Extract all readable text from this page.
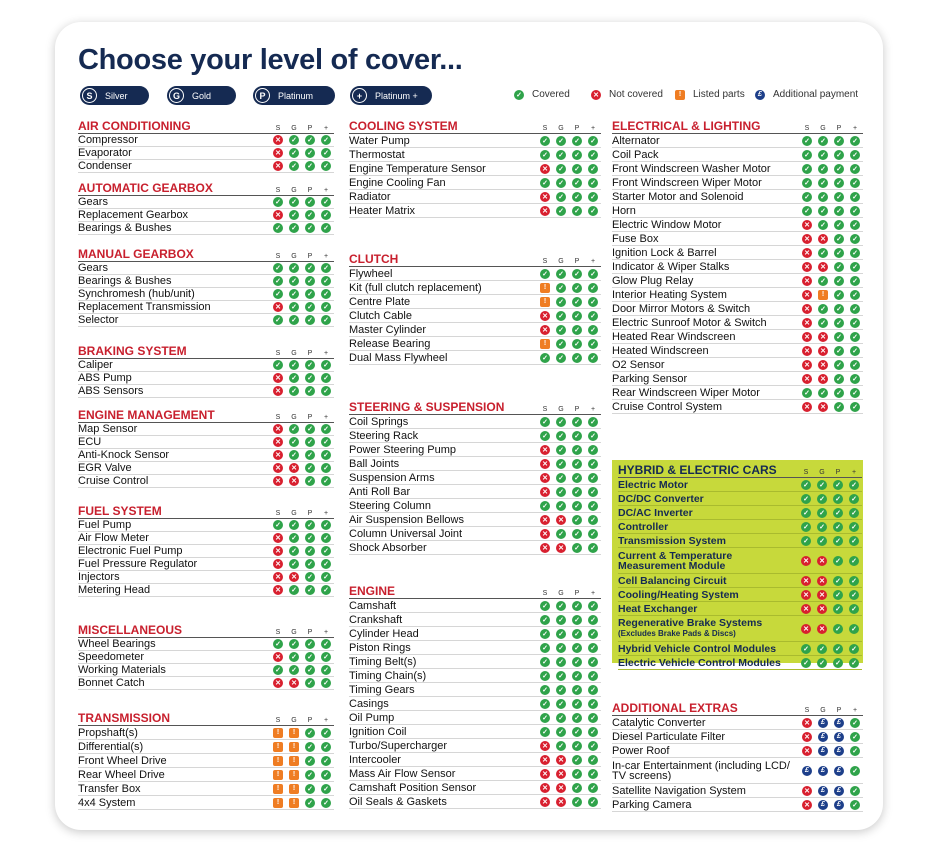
Choose your level of cover...
S	Silver	G	Gold	P	Platinum	+	Platinum +	✓ Covered	✕ Not covered	!	Listed parts	£	Additional payment
AIR CONDITIONING	S	G	P	+
Compressor	✕ ✓ ✓ ✓
Evaporator	✕ ✓ ✓ ✓
Condenser	✕ ✓ ✓ ✓
AUTOMATIC GEARBOX	S	G	P	+
Gears	✓ ✓ ✓ ✓
Replacement Gearbox	✕ ✓ ✓ ✓
Bearings & Bushes	✓ ✓ ✓ ✓
MANUAL GEARBOX	S	G	P	+
Gears	✓ ✓ ✓ ✓
Bearings & Bushes	✓ ✓ ✓ ✓
Synchromesh (hub/unit)	✓ ✓ ✓ ✓
Replacement Transmission	✕ ✓ ✓ ✓
Selector	✓ ✓ ✓ ✓
BRAKING SYSTEM	S	G	P	+
Caliper	✓ ✓ ✓ ✓
ABS Pump	✕ ✓ ✓ ✓
ABS Sensors	✕ ✓ ✓ ✓
ENGINE MANAGEMENT	S	G	P	+
Map Sensor	✕ ✓ ✓ ✓
ECU	✕ ✓ ✓ ✓
Anti-Knock Sensor	✕ ✓ ✓ ✓
EGR Valve	✕ ✕ ✓ ✓
Cruise Control	✕ ✕ ✓ ✓
FUEL SYSTEM	S	G	P	+
Fuel Pump	✓ ✓ ✓ ✓
Air Flow Meter	✕ ✓ ✓ ✓
Electronic Fuel Pump	✕ ✓ ✓ ✓
Fuel Pressure Regulator	✕ ✓ ✓ ✓
Injectors	✕ ✕ ✓ ✓
Metering Head	✕ ✓ ✓ ✓
MISCELLANEOUS	S	G	P	+
Wheel Bearings	✓ ✓ ✓ ✓
Speedometer	✕ ✓ ✓ ✓
Working Materials	✓ ✓ ✓ ✓
Bonnet Catch	✕ ✕ ✓ ✓
TRANSMISSION	S	G	P	+
Propshaft(s)	!	!	✓ ✓
Differential(s)	!	!	✓ ✓
Front Wheel Drive	!	!	✓ ✓
Rear Wheel Drive	!	!	✓ ✓
Transfer Box	!	!	✓ ✓
4x4 System	!	!	✓ ✓
COOLING SYSTEM	S	G	P	+
Water Pump	✓ ✓ ✓ ✓
Thermostat	✓ ✓ ✓ ✓
Engine Temperature Sensor	✕ ✓ ✓ ✓
Engine Cooling Fan	✓ ✓ ✓ ✓
Radiator	✕ ✓ ✓ ✓
Heater Matrix	✕ ✓ ✓ ✓
CLUTCH	S	G	P	+
Flywheel	✓ ✓ ✓ ✓
Kit (full clutch replacement)	!	✓ ✓ ✓
Centre Plate	!	✓ ✓ ✓
Clutch Cable	✕ ✓ ✓ ✓
Master Cylinder	✕ ✓ ✓ ✓
Release Bearing	!	✓ ✓ ✓
Dual Mass Flywheel	✓ ✓ ✓ ✓
STEERING & SUSPENSION	S	G	P	+
Coil Springs	✓ ✓ ✓ ✓
Steering Rack	✓ ✓ ✓ ✓
Power Steering Pump	✕ ✓ ✓ ✓
Ball Joints	✕ ✓ ✓ ✓
Suspension Arms	✕ ✓ ✓ ✓
Anti Roll Bar	✕ ✓ ✓ ✓
Steering Column	✓ ✓ ✓ ✓
Air Suspension Bellows	✕ ✕ ✓ ✓
Column Universal Joint	✕ ✓ ✓ ✓
Shock Absorber	✕ ✕ ✓ ✓
ENGINE	S	G	P	+
Camshaft	✓ ✓ ✓ ✓
Crankshaft	✓ ✓ ✓ ✓
Cylinder Head	✓ ✓ ✓ ✓
Piston Rings	✓ ✓ ✓ ✓
Timing Belt(s)	✓ ✓ ✓ ✓
Timing Chain(s)	✓ ✓ ✓ ✓
Timing Gears	✓ ✓ ✓ ✓
Casings	✓ ✓ ✓ ✓
Oil Pump	✓ ✓ ✓ ✓
Ignition Coil	✓ ✓ ✓ ✓
Turbo/Supercharger	✕ ✓ ✓ ✓
Intercooler	✕ ✕ ✓ ✓
Mass Air Flow Sensor	✕ ✕ ✓ ✓
Camshaft Position Sensor	✕ ✕ ✓ ✓
Oil Seals & Gaskets	✕ ✕ ✓ ✓
ELECTRICAL & LIGHTING	S	G	P	+
Alternator	✓ ✓ ✓ ✓
Coil Pack	✓ ✓ ✓ ✓
Front Windscreen Washer Motor	✓ ✓ ✓ ✓
Front Windscreen Wiper Motor	✓ ✓ ✓ ✓
Starter Motor and Solenoid	✓ ✓ ✓ ✓
Horn	✓ ✓ ✓ ✓
Electric Window Motor	✕ ✓ ✓ ✓
Fuse Box	✕ ✕ ✓ ✓
Ignition Lock & Barrel	✕ ✓ ✓ ✓
Indicator & Wiper Stalks	✕ ✕ ✓ ✓
Glow Plug Relay	✕ ✓ ✓ ✓
Interior Heating System	✕	!	✓ ✓
Door Mirror Motors & Switch	✕ ✓ ✓ ✓
Electric Sunroof Motor & Switch	✕ ✓ ✓ ✓
Heated Rear Windscreen	✕ ✕ ✓ ✓
Heated Windscreen	✕ ✕ ✓ ✓
O2 Sensor	✕ ✕ ✓ ✓
Parking Sensor	✕ ✕ ✓ ✓
Rear Windscreen Wiper Motor	✓ ✓ ✓ ✓
Cruise Control System	✕ ✕ ✓ ✓
ADDITIONAL EXTRAS	S	G	P	+
Catalytic Converter	✕	£	£	✓
Diesel Particulate Filter	✕	£	£	✓
Power Roof	✕	£	£	✓
In-car Entertainment (including LCD/ TV screens)	£	£	£	✓
Satellite Navigation System	✕	£	£	✓
Parking Camera	✕	£	£	✓
HYBRID & ELECTRIC CARS	S	G	P	+
Electric Motor	✓ ✓ ✓ ✓
DC/DC Converter	✓ ✓ ✓ ✓
DC/AC Inverter	✓ ✓ ✓ ✓
Controller	✓ ✓ ✓ ✓
Transmission System	✓ ✓ ✓ ✓
Current & Temperature Measurement Module	✕ ✕ ✓ ✓
Cell Balancing Circuit	✕ ✕ ✓ ✓
Cooling/Heating System	✕ ✕ ✓ ✓
Heat Exchanger	✕ ✕ ✓ ✓
Regenerative Brake Systems
(Excludes Brake Pads & Discs)	✕ ✕ ✓ ✓
Hybrid Vehicle Control Modules	✓ ✓ ✓ ✓
Electric Vehicle Control Modules	✓ ✓ ✓ ✓
